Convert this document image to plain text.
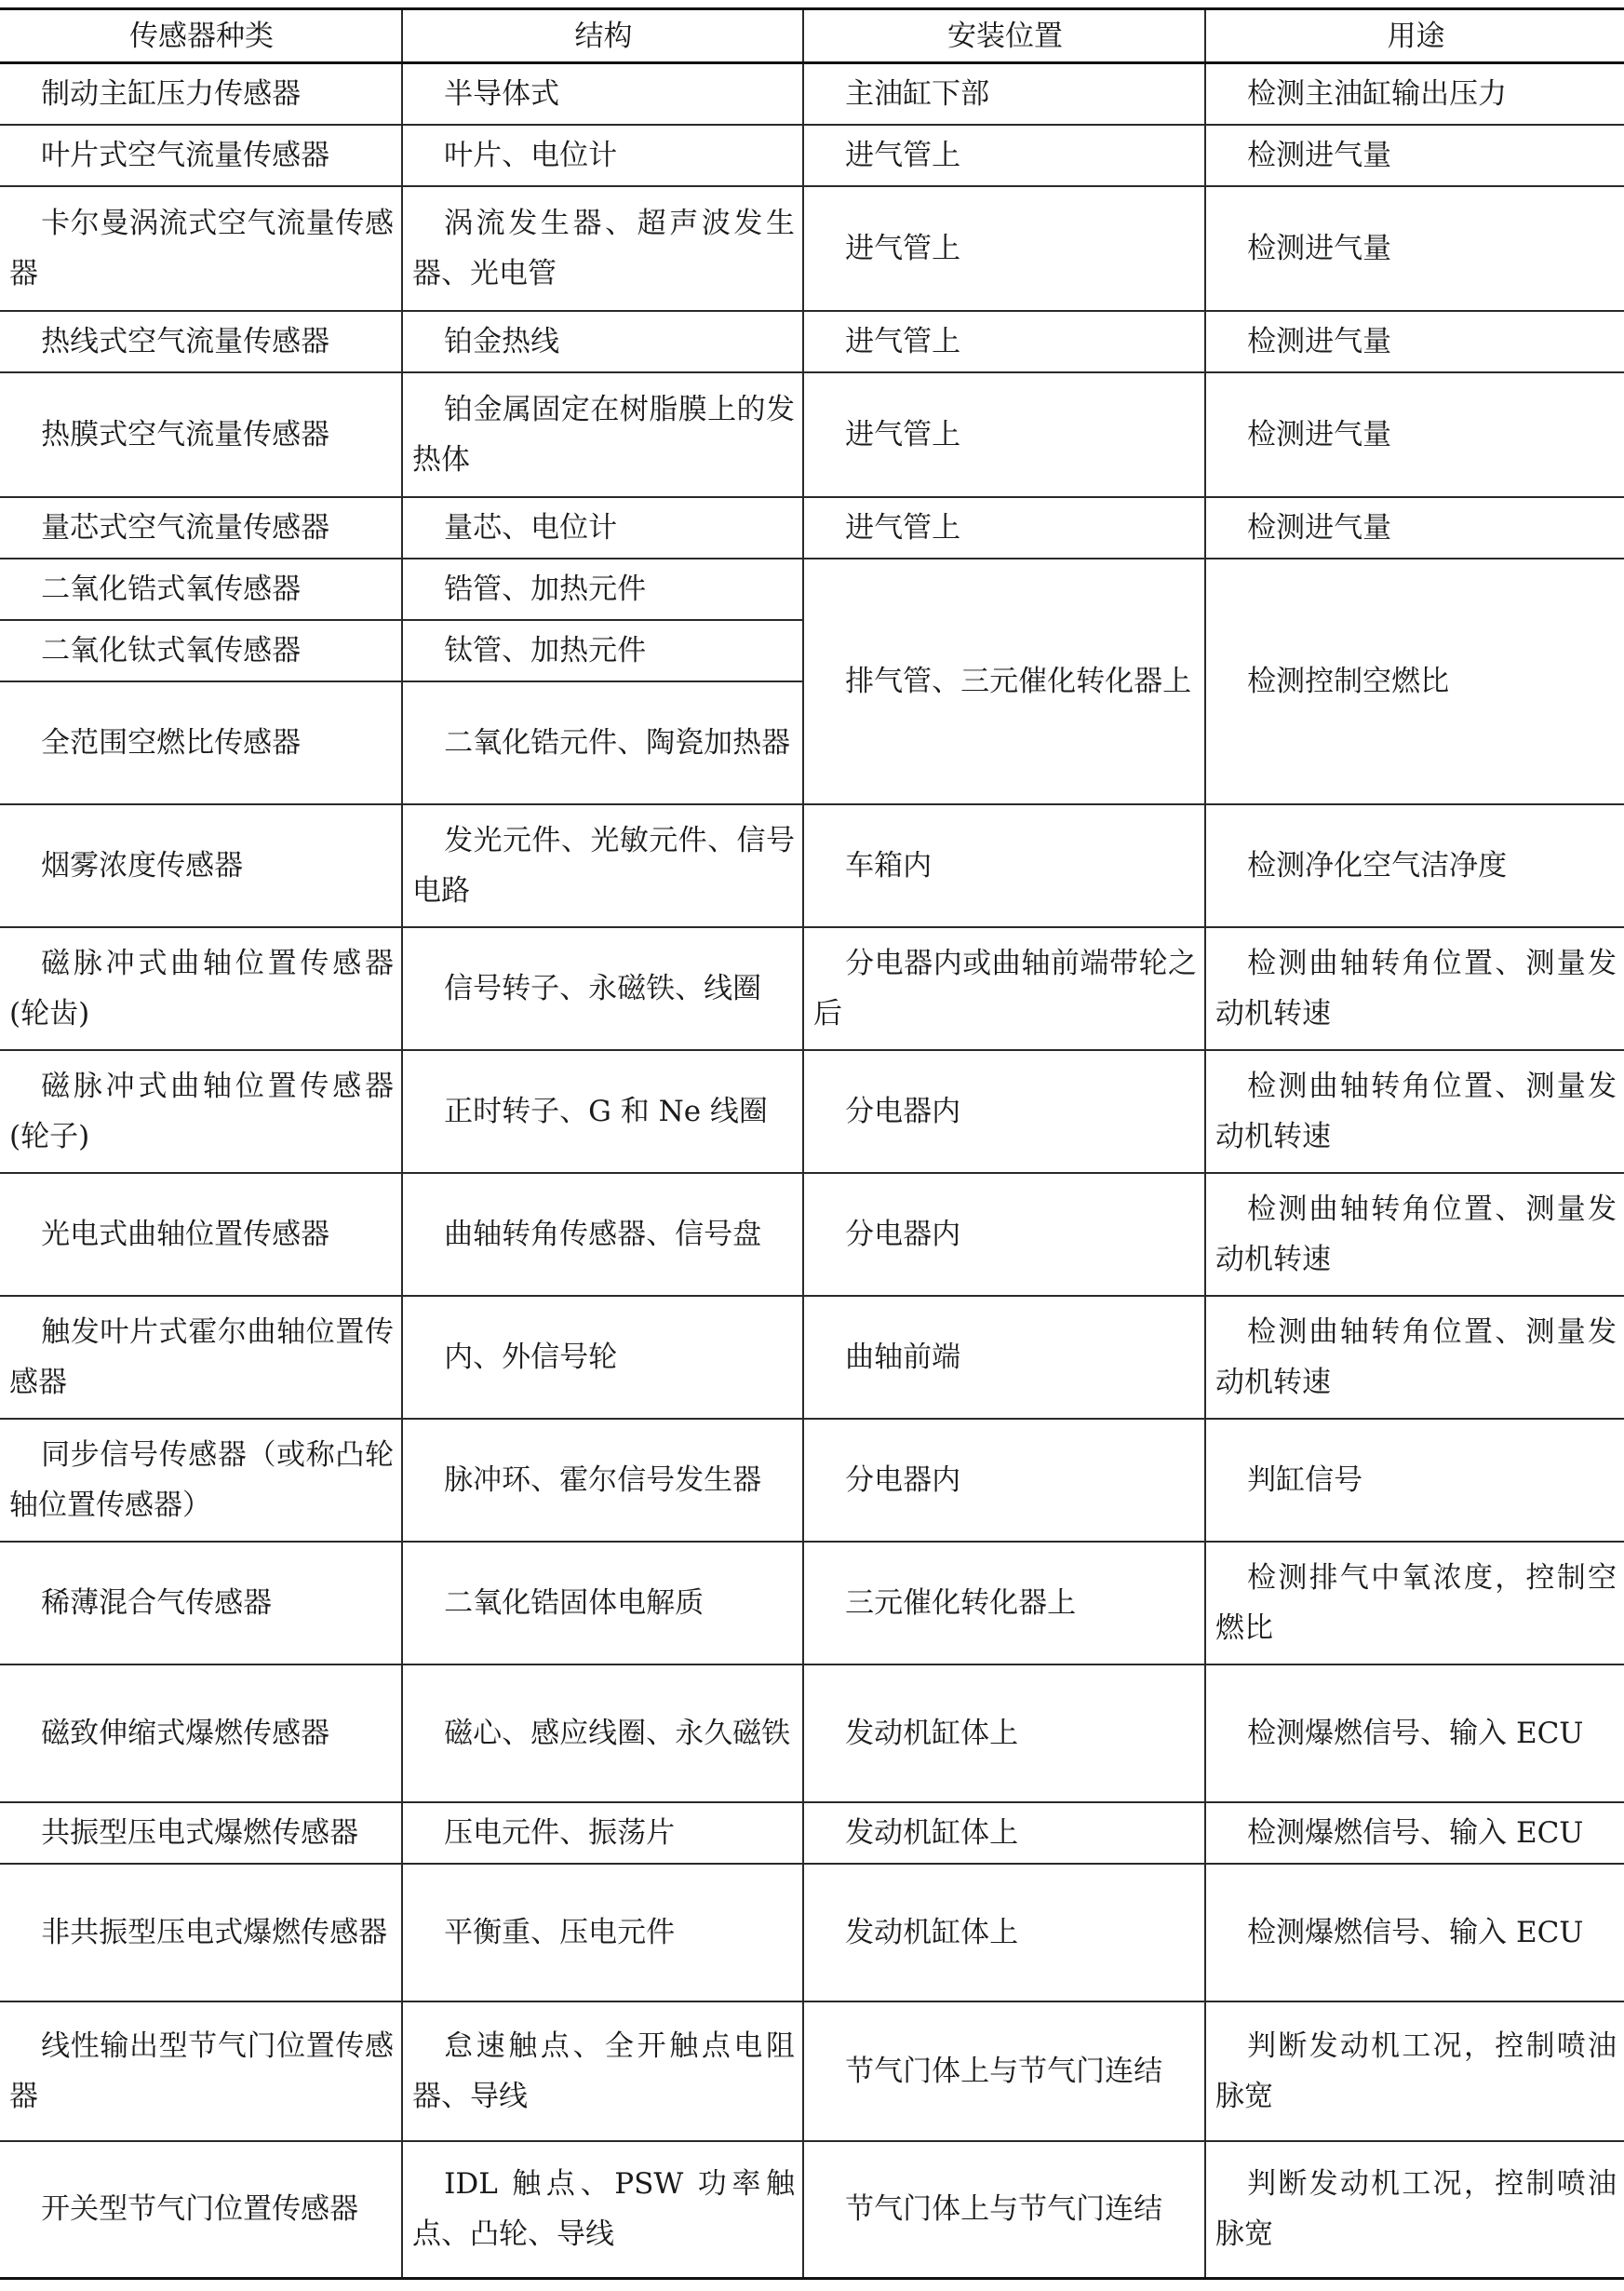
传感器种类	结构	安装位置	用途
制动主缸压力传感器	半导体式	主油缸下部	检测主油缸输出压力
叶片式空气流量传感器	叶片、电位计	进气管上	检测进气量
卡尔曼涡流式空气流量传感器	涡流发生器、超声波发生器、光电管	进气管上	检测进气量
热线式空气流量传感器	铂金热线	进气管上	检测进气量
热膜式空气流量传感器	铂金属固定在树脂膜上的发热体	进气管上	检测进气量
量芯式空气流量传感器	量芯、电位计	进气管上	检测进气量
二氧化锆式氧传感器	锆管、加热元件	排气管、三元催化转化器上	检测控制空燃比
二氧化钛式氧传感器	钛管、加热元件		
全范围空燃比传感器	二氧化锆元件、陶瓷加热器		
烟雾浓度传感器	发光元件、光敏元件、信号电路	车箱内	检测净化空气洁净度
磁脉冲式曲轴位置传感器(轮齿)	信号转子、永磁铁、线圈	分电器内或曲轴前端带轮之后	检测曲轴转角位置、测量发动机转速
磁脉冲式曲轴位置传感器(轮子)	正时转子、G 和 Ne 线圈	分电器内	检测曲轴转角位置、测量发动机转速
光电式曲轴位置传感器	曲轴转角传感器、信号盘	分电器内	检测曲轴转角位置、测量发动机转速
触发叶片式霍尔曲轴位置传感器	内、外信号轮	曲轴前端	检测曲轴转角位置、测量发动机转速
同步信号传感器（或称凸轮轴位置传感器）	脉冲环、霍尔信号发生器	分电器内	判缸信号
稀薄混合气传感器	二氧化锆固体电解质	三元催化转化器上	检测排气中氧浓度，控制空燃比
磁致伸缩式爆燃传感器	磁心、感应线圈、永久磁铁	发动机缸体上	检测爆燃信号、输入 ECU
共振型压电式爆燃传感器	压电元件、振荡片	发动机缸体上	检测爆燃信号、输入 ECU
非共振型压电式爆燃传感器	平衡重、压电元件	发动机缸体上	检测爆燃信号、输入 ECU
线性输出型节气门位置传感器	怠速触点、全开触点电阻器、导线	节气门体上与节气门连结	判断发动机工况，控制喷油脉宽
开关型节气门位置传感器	IDL 触点、PSW 功率触点、凸轮、导线	节气门体上与节气门连结	判断发动机工况，控制喷油脉宽
